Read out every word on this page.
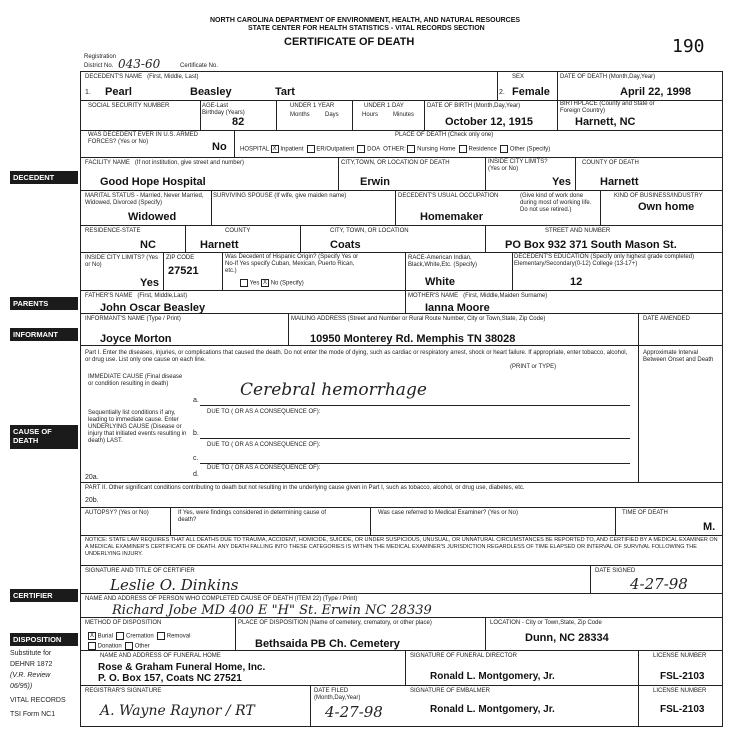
NORTH CAROLINA DEPARTMENT OF ENVIRONMENT, HEALTH, AND NATURAL RESOURCES
STATE CENTER FOR HEALTH STATISTICS - VITAL RECORDS SECTION
CERTIFICATE OF DEATH	190
Registration
District No. 043-60	Certificate No.
DECEDENT
PARENTS
INFORMANT
CAUSE OF DEATH
CERTIFIER
DISPOSITION
Substitute for
DEHNR 1872
(V.R. Review
06/95))
VITAL RECORDS
TSI Form NC1
DECEDENT'S NAME (First, Middle, Last)
1. Pearl	Beasley	Tart
SEX
2. Female
DATE OF DEATH (Month,Day,Year)
April 22, 1998
SOCIAL SECURITY NUMBER	AGE-Last Birthday (Years)
82
UNDER 1 YEAR
Months	Days
UNDER 1 DAY
Hours Minutes
DATE OF BIRTH (Month,Day,Year)
October 12, 1915
BIRTHPLACE (County and State or Foreign Country)
Harnett, NC
WAS DECEDENT EVER IN U.S. ARMED FORCES? (Yes or No)	No
PLACE OF DEATH (Check only one)
HOSPITAL X Inpatient ER/Outpatient DOA OTHER: Nursing Home Residence Other (Specify)
FACILITY NAME (If not institution, give street and number)
Good Hope Hospital
CITY,TOWN, OR LOCATION OF DEATH
Erwin
INSIDE CITY LIMITS? (Yes or No)
Yes
COUNTY OF DEATH
Harnett
MARITAL STATUS - Married, Never Married, Widowed, Divorced (Specify)
Widowed
SURVIVING SPOUSE (If wife, give maiden name)	DECEDENT'S USUAL OCCUPATION	(Give kind of work done during most of working life. Do not use retired.)
Homemaker
KIND OF BUSINESS/INDUSTRY
Own home
RESIDENCE-STATE
NC
COUNTY
Harnett
CITY, TOWN, OR LOCATION
Coats
STREET AND NUMBER
PO Box 932 371 South Mason St.
INSIDE CITY LIMITS? (Yes or No)
Yes
ZIP CODE
27521
Was Decedent of Hispanic Origin? (Specify Yes or No-If Yes specify Cuban, Mexican, Puerto Rican, etc.)
Yes X No (Specify)
RACE-American Indian, Black,White,Etc. (Specify)
White
DECEDENT'S EDUCATION (Specify only highest grade completed) Elementary/Secondary(0-12) College (13-17+)
12
FATHER'S NAME (First, Middle,Last)
John Oscar Beasley
MOTHER'S NAME (First, Middle,Maiden Surname)
Ianna Moore
INFORMANT'S NAME (Type / Print)
Joyce Morton
MAILING ADDRESS (Street and Number or Rural Route Number, City or Town,State, Zip Code)
10950 Monterey Rd. Memphis TN 38028
DATE AMENDED
Part I. Enter the diseases, injuries, or complications that caused the death. Do not enter the mode of dying, such as cardiac or respiratory arrest, shock or heart failure. If appropriate, enter tobacco, alcohol, or drug use. List only one cause on each line.
(PRINT or TYPE)
Approximate Interval Between Onset and Death
IMMEDIATE CAUSE (Final disease or condition resulting in death)
a.
Cerebral hemorrhage
Sequentially list conditions if any, leading to immediate cause. Enter UNDERLYING CAUSE (Disease or injury that initiated events resulting in death) LAST.
DUE TO ( OR AS A CONSEQUENCE OF):
b.
DUE TO ( OR AS A CONSEQUENCE OF):
c.
DUE TO ( OR AS A CONSEQUENCE OF):
d.
20a.
PART II. Other significant conditions contributing to death but not resulting in the underlying cause given in Part I, such as tobacco, alcohol, or drug use, diabetes, etc.
20b.
AUTOPSY? (Yes or No)	If Yes, were findings considered in determining cause of death?
Was case referred to Medical Examiner? (Yes or No)	TIME OF DEATH
M.
NOTICE: STATE LAW REQUIRES THAT ALL DEATHS DUE TO TRAUMA, ACCIDENT, HOMICIDE, SUICIDE, OR UNDER SUSPICIOUS, UNUSUAL, OR UNNATURAL CIRCUMSTANCES BE REPORTED TO, AND CERTIFIED BY A MEDICAL EXAMINER ON A MEDICAL EXAMINER'S CERTIFICATE OF DEATH. ANY DEATH FALLING INTO THESE CATEGORIES IS WITHIN THE MEDICAL EXAMINER'S JURISDICTION REGARDLESS OF TIME ELAPSED OR INTERVAL OF SURVIVAL FOLLOWING THE UNDERLYING INJURY.
SIGNATURE AND TITLE OF CERTIFIER
Leslie O. Dinkins
DATE SIGNED
4-27-98
NAME AND ADDRESS OF PERSON WHO COMPLETED CAUSE OF DEATH (ITEM 22) (Type / Print)
Richard Jobe MD 400 E "H" St. Erwin NC 28339
METHOD OF DISPOSITION
X Burial Cremation Removal
Donation Other
PLACE OF DISPOSITION (Name of cemetery, crematory, or other place)
Bethsaida PB Ch. Cemetery
LOCATION - City or Town,State, Zip Code
Dunn, NC 28334
NAME AND ADDRESS OF FUNERAL HOME
Rose & Graham Funeral Home, Inc.
P. O. Box 157, Coats NC 27521
SIGNATURE OF FUNERAL DIRECTOR
Ronald L. Montgomery, Jr.
LICENSE NUMBER
FSL-2103
REGISTRAR'S SIGNATURE
A. Wayne Raynor / RT
DATE FILED (Month,Day,Year)
4-27-98
SIGNATURE OF EMBALMER
Ronald L. Montgomery, Jr.
LICENSE NUMBER
FSL-2103
